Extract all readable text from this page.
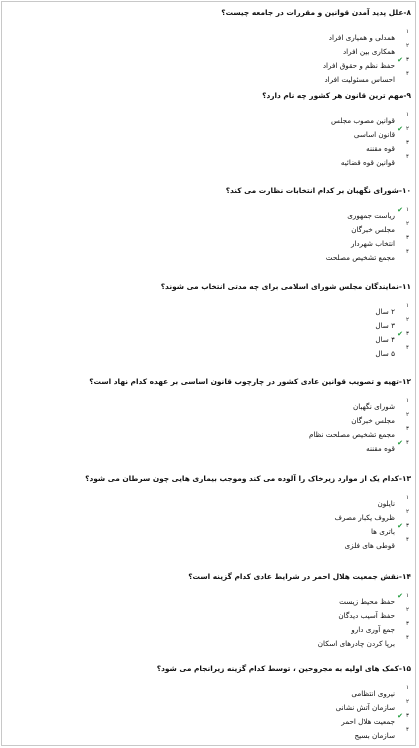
۸-علل پدید آمدن قوانین و مقررات در جامعه چیست؟
۱
همدلی و همیاری افراد
۲
همکاری بین افراد
۳
✔
حفظ نظم و حقوق افراد
۴
احساس مسئولیت افراد
۹-مهم ترین قانون هر کشور چه نام دارد؟
۱
قوانین مصوب مجلس
۲
✔
قانون اساسی
۳
قوه مقننه
۴
قوانین قوه قضائیه
۱۰-شورای نگهبان بر کدام انتخابات نظارت می کند؟
۱
✔
ریاست جمهوری
۲
مجلس خبرگان
۳
انتخاب شهردار
۴
مجمع تشخیص مصلحت
۱۱-نمایندگان مجلس شورای اسلامی برای چه مدتی انتخاب می شوند؟
۱
۲ سال
۲
۳ سال
۳
✔
۴ سال
۴
۵ سال
۱۲-تهیه و تصویب قوانین عادی کشور در چارچوب قانون اساسی بر عهده کدام نهاد است؟
۱
شورای نگهبان
۲
مجلس خبرگان
۳
مجمع تشخیص مصلحت نظام
۴
✔
قوه مقننه
۱۳-کدام یک از موارد زیرخاک را آلوده می کند وموجب بیماری هایی چون سرطان می شود؟
۱
نایلون
۲
ظروف یکبار مصرف
۳
✔
باتری ها
۴
قوطی های فلزی
۱۴-نقش جمعیت هلال احمر در شرایط عادی کدام گزینه است؟
۱
✔
حفظ محیط زیست
۲
حفظ آسیب دیدگان
۳
جمع آوری دارو
۴
برپا کردن چادرهای اسکان
۱۵-کمک های اولیه به مجروحین ، توسط کدام گزینه زیرانجام می شود؟
۱
نیروی انتظامی
۲
سازمان آتش نشانی
۳
✔
جمعیت هلال احمر
۴
سازمان بسیج
